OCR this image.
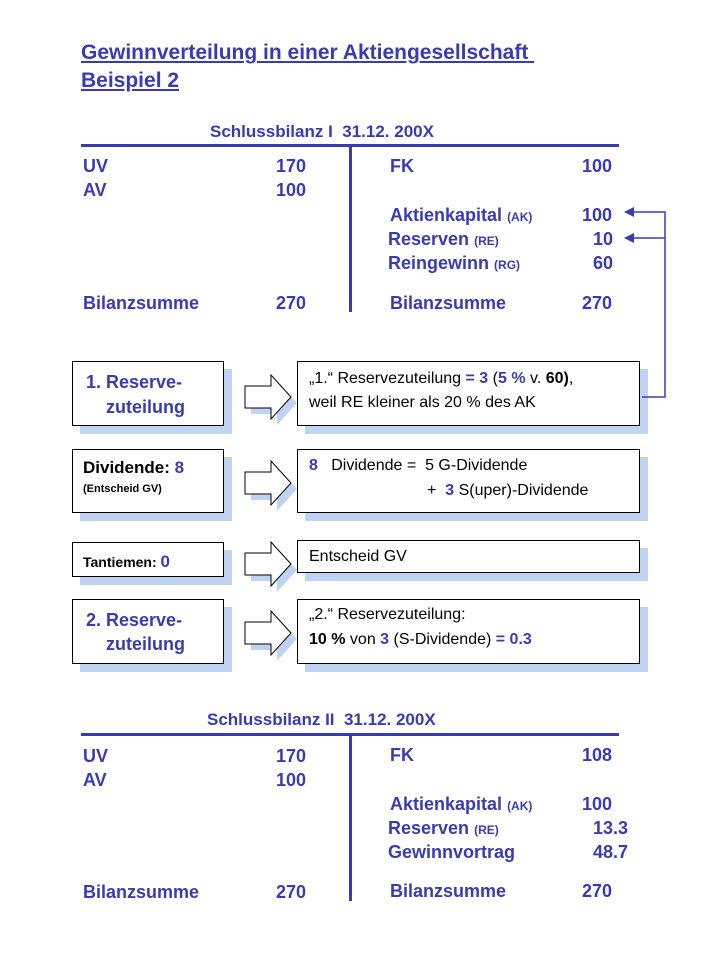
Gewinnverteilung in einer Aktiengesellschaft
Beispiel 2
Schlussbilanz I  31.12. 200X
UV	170
AV	100
Bilanzsumme	270
FK	100
Aktienkapital (AK)	100
Reserven (RE)	10
Reingewinn (RG)	60
Bilanzsumme	270
1. Reserve-
zuteilung
„1.“ Reservezuteilung = 3 (5 % v. 60),
weil RE kleiner als 20 % des AK
Dividende: 8
(Entscheid GV)
8   Dividende =  5 G-Dividende
+  3 S(uper)-Dividende
Tantiemen: 0	Entscheid GV
2. Reserve-
zuteilung
„2.“ Reservezuteilung:
10 % von 3 (S-Dividende) = 0.3
Schlussbilanz II  31.12. 200X
UV	170
AV	100
Bilanzsumme	270
FK	108
Aktienkapital (AK)	100
Reserven (RE)	13.3
Gewinnvortrag	48.7
Bilanzsumme	270
